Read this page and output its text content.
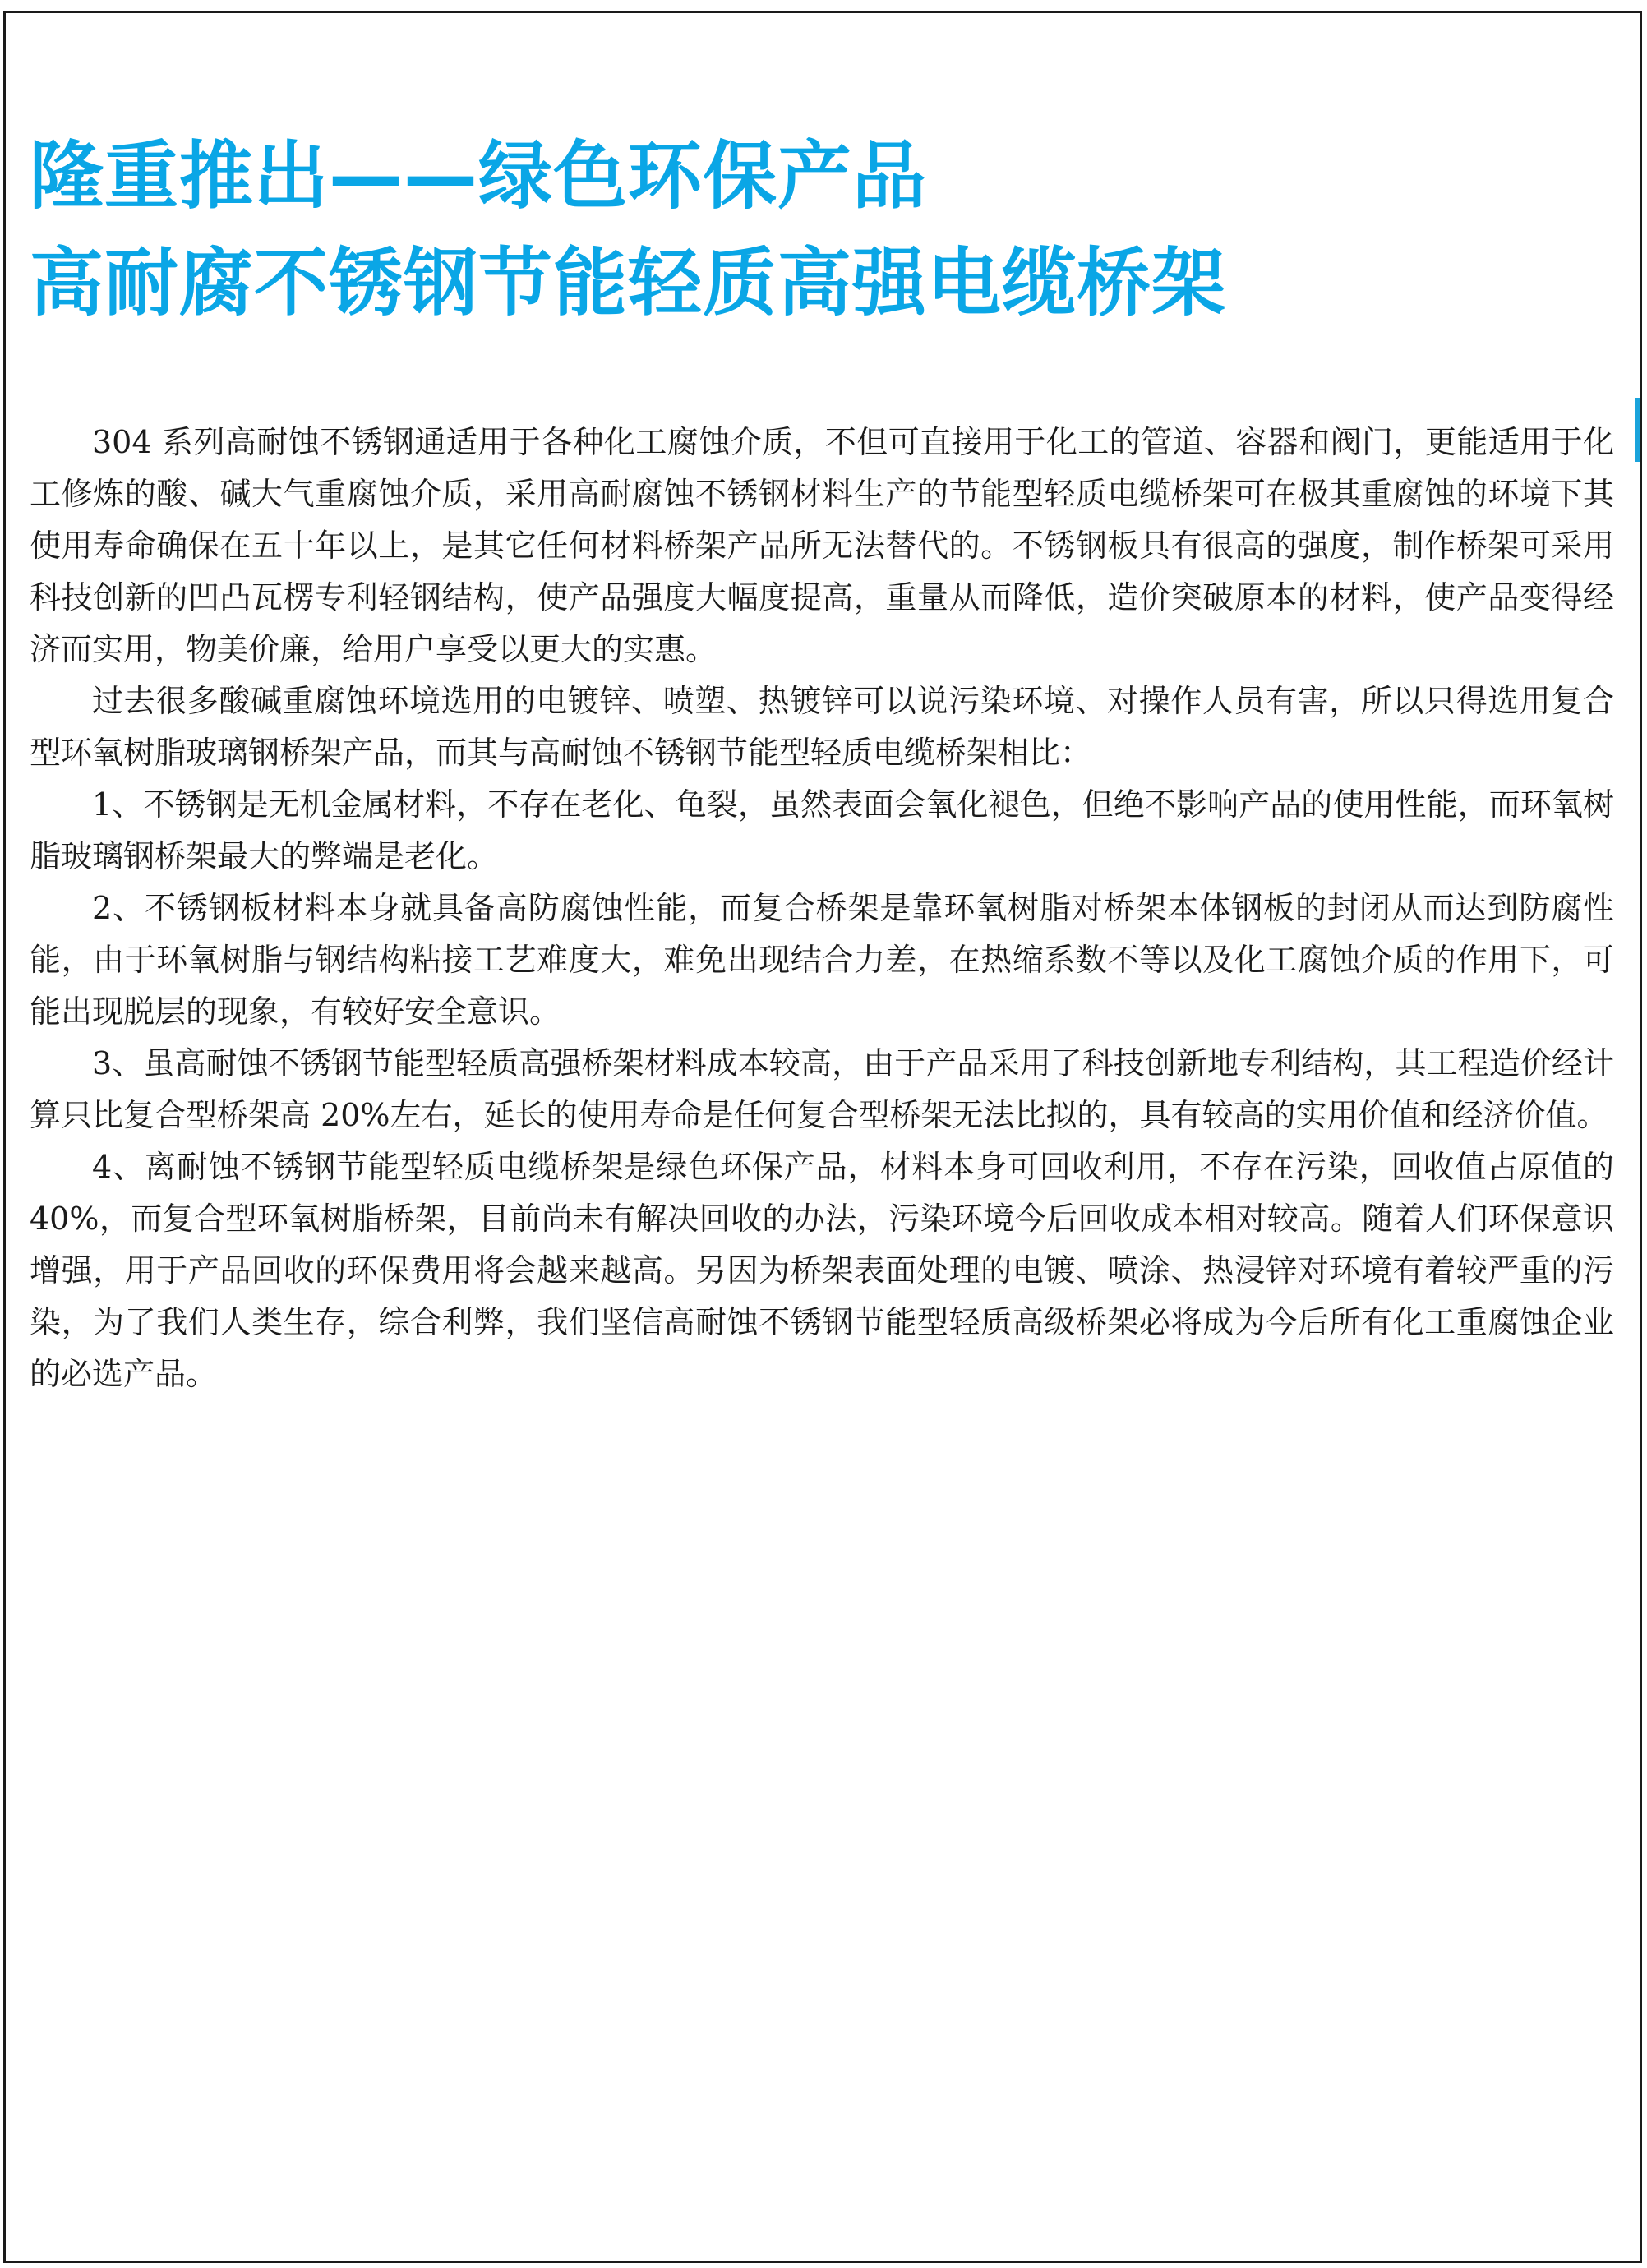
隆重推出——绿色环保产品
高耐腐不锈钢节能轻质高强电缆桥架

304 系列高耐蚀不锈钢通适用于各种化工腐蚀介质，不但可直接用于化工的管道、容器和阀门，更能适用于化工修炼的酸、碱大气重腐蚀介质，采用高耐腐蚀不锈钢材料生产的节能型轻质电缆桥架可在极其重腐蚀的环境下其使用寿命确保在五十年以上，是其它任何材料桥架产品所无法替代的。不锈钢板具有很高的强度，制作桥架可采用科技创新的凹凸瓦楞专利轻钢结构，使产品强度大幅度提高，重量从而降低，造价突破原本的材料，使产品变得经济而实用，物美价廉，给用户享受以更大的实惠。

过去很多酸碱重腐蚀环境选用的电镀锌、喷塑、热镀锌可以说污染环境、对操作人员有害，所以只得选用复合型环氧树脂玻璃钢桥架产品，而其与高耐蚀不锈钢节能型轻质电缆桥架相比：

1、不锈钢是无机金属材料，不存在老化、龟裂，虽然表面会氧化褪色，但绝不影响产品的使用性能，而环氧树脂玻璃钢桥架最大的弊端是老化。

2、不锈钢板材料本身就具备高防腐蚀性能，而复合桥架是靠环氧树脂对桥架本体钢板的封闭从而达到防腐性能，由于环氧树脂与钢结构粘接工艺难度大，难免出现结合力差，在热缩系数不等以及化工腐蚀介质的作用下，可能出现脱层的现象，有较好安全意识。

3、虽高耐蚀不锈钢节能型轻质高强桥架材料成本较高，由于产品采用了科技创新地专利结构，其工程造价经计算只比复合型桥架高 20%左右，延长的使用寿命是任何复合型桥架无法比拟的，具有较高的实用价值和经济价值。

4、离耐蚀不锈钢节能型轻质电缆桥架是绿色环保产品，材料本身可回收利用，不存在污染，回收值占原值的 40%，而复合型环氧树脂桥架，目前尚未有解决回收的办法，污染环境今后回收成本相对较高。随着人们环保意识增强，用于产品回收的环保费用将会越来越高。另因为桥架表面处理的电镀、喷涂、热浸锌对环境有着较严重的污染，为了我们人类生存，综合利弊，我们坚信高耐蚀不锈钢节能型轻质高级桥架必将成为今后所有化工重腐蚀企业的必选产品。
